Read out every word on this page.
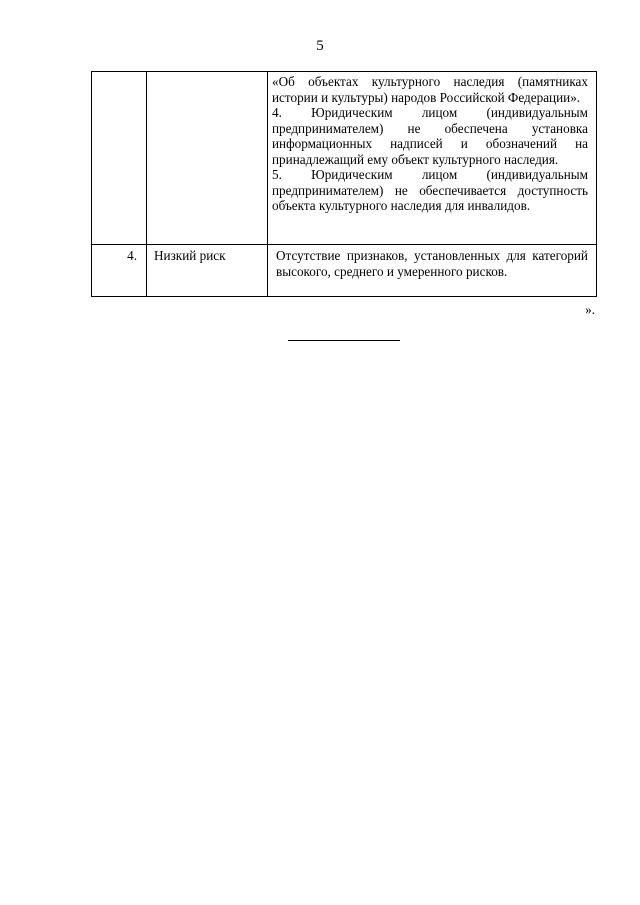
5

		«Об объектах культурного наследия (памятниках истории и культуры) народов Российской Федерации».
4. Юридическим лицом (индивидуальным предпринимателем) не обеспечена установка информационных надписей и обозначений на принадлежащий ему объект культурного наследия.
5. Юридическим лицом (индивидуальным предпринимателем) не обеспечивается доступность объекта культурного наследия для инвалидов.

4.	Низкий риск	Отсутствие признаков, установленных для категорий высокого, среднего и умеренного рисков.
».
